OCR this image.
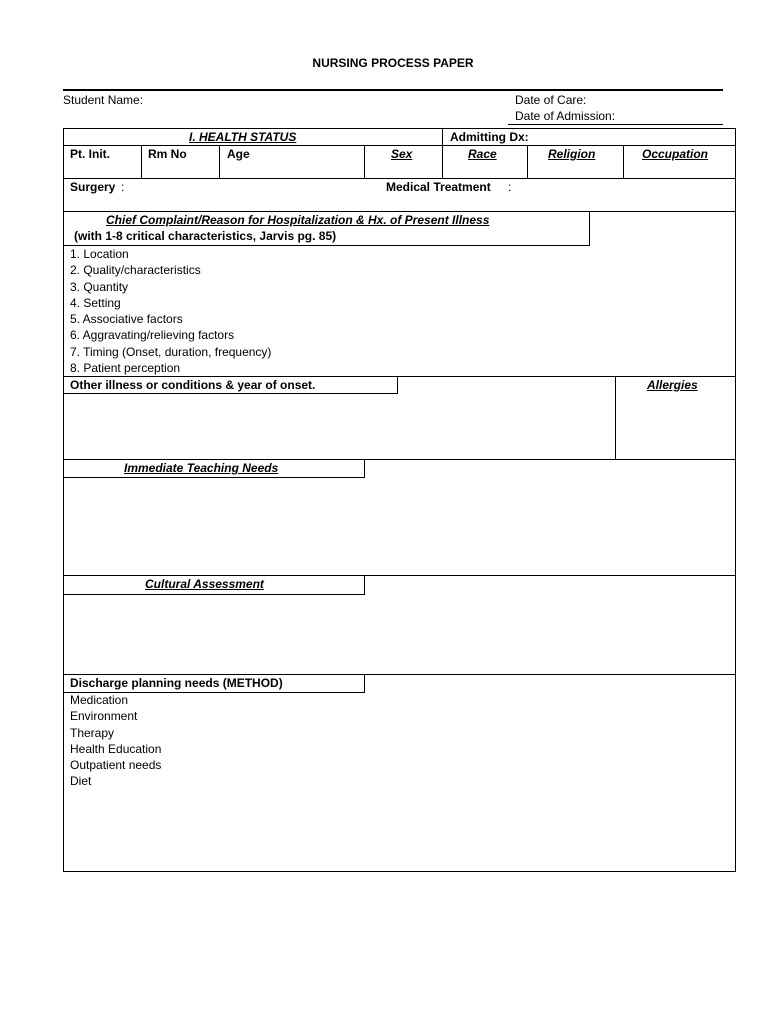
NURSING PROCESS PAPER
Student Name:	Date of Care:
Date of Admission:
I. HEALTH STATUS	Admitting Dx:
Pt. Init.	Rm No	Age	Sex	Race	Religion	Occupation
Surgery :	Medical Treatment :
Chief Complaint/Reason for Hospitalization & Hx. of Present Illness
(with 1-8 critical characteristics, Jarvis pg. 85)
1. Location
2. Quality/characteristics
3. Quantity
4. Setting
5. Associative factors
6. Aggravating/relieving factors
7. Timing (Onset, duration, frequency)
8. Patient perception
Other illness or conditions & year of onset.	Allergies
Immediate Teaching Needs
Cultural Assessment
Discharge planning needs (METHOD)
Medication
Environment
Therapy
Health Education
Outpatient needs
Diet
